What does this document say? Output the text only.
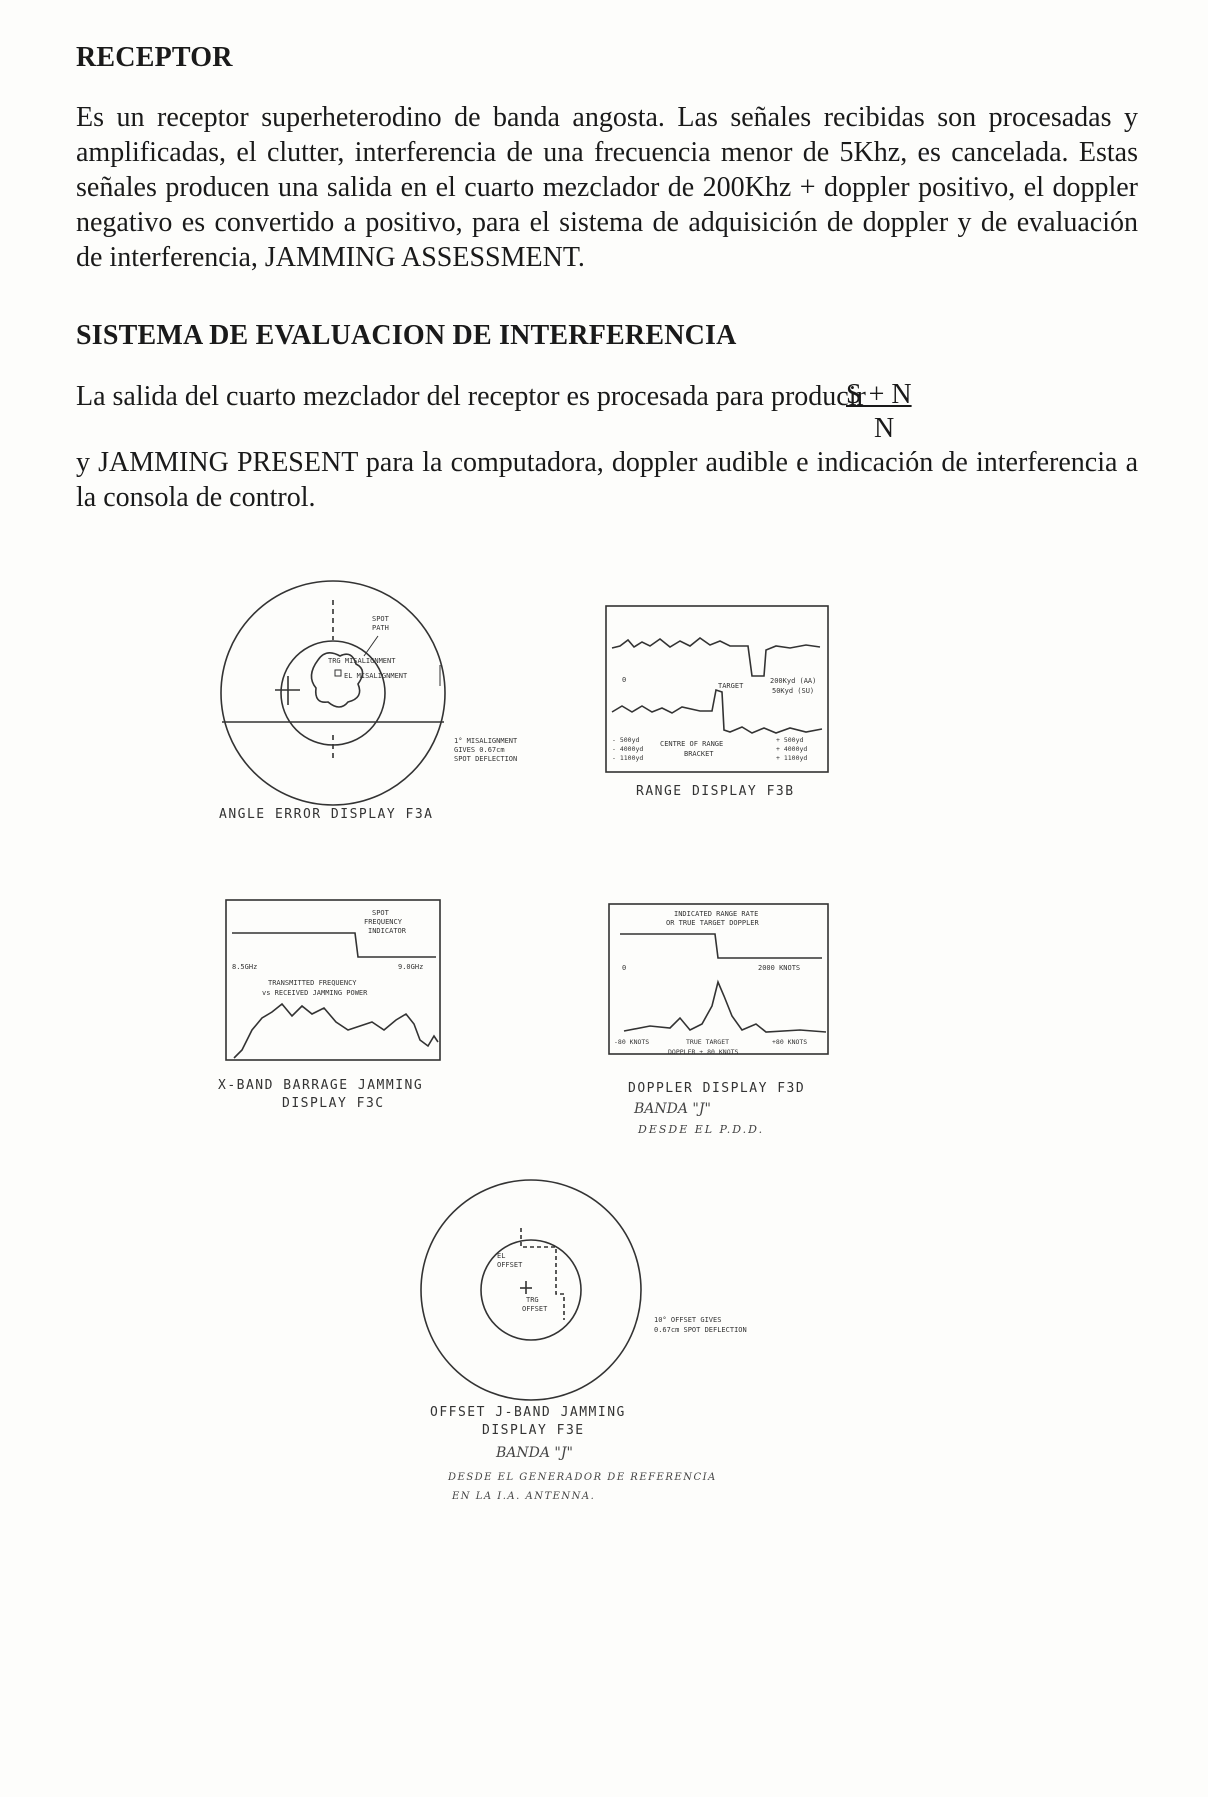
RECEPTOR
Es un receptor superheterodino de banda angosta. Las señales recibidas son procesadas y amplificadas, el clutter, interferencia de una frecuencia menor de 5Khz, es cancelada. Estas señales producen una salida en el cuarto mezclador de 200Khz + doppler positivo, el doppler negativo es convertido a positivo, para el sistema de adquisición de doppler y de evaluación de interferencia, JAMMING ASSESSMENT.
SISTEMA DE EVALUACION DE INTERFERENCIA
La salida del cuarto mezclador del receptor es procesada para producir
S + N
N
y JAMMING PRESENT para la computadora, doppler audible e indicación de interferencia a la consola de control.
SPOT
PATH
TRG MISALIGNMENT
EL MISALIGNMENT
1° MISALIGNMENT
GIVES 0.67cm
SPOT DEFLECTION
ANGLE ERROR DISPLAY F3A
0
TARGET
200Kyd (AA)
50Kyd (SU)
- 500yd
- 4000yd
- 1100yd
CENTRE OF RANGE
BRACKET
+ 500yd
+ 4000yd
+ 1100yd
RANGE DISPLAY F3B
SPOT
FREQUENCY
INDICATOR
8.5GHz	9.0GHz
TRANSMITTED FREQUENCY
vs RECEIVED JAMMING POWER
X-BAND BARRAGE JAMMING
DISPLAY F3C
INDICATED RANGE RATE
OR TRUE TARGET DOPPLER
0	2000 KNOTS
-80 KNOTS	TRUE TARGET	+80 KNOTS
DOPPLER ± 80 KNOTS
DOPPLER DISPLAY F3D
EL
OFFSET
TRG
OFFSET
10° OFFSET GIVES
0.67cm SPOT DEFLECTION
OFFSET J-BAND JAMMING
DISPLAY F3E
BANDA "J"
DESDE EL P.D.D.
BANDA "J"
DESDE EL GENERADOR DE REFERENCIA
EN LA I.A. ANTENNA.
